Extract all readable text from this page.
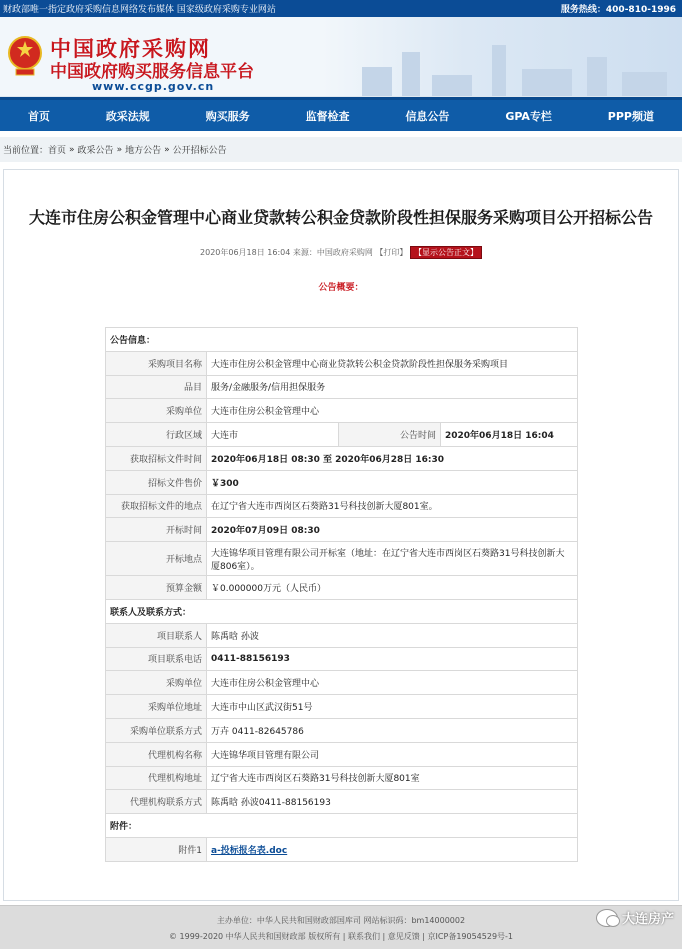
财政部唯一指定政府采购信息网络发布媒体 国家级政府采购专业网站	服务热线：400-810-1996
中国政府采购网
中国政府购买服务信息平台
www.ccgp.gov.cn
首页	政采法规	购买服务	监督检查	信息公告	GPA专栏	PPP频道
当前位置： 首页 » 政采公告 » 地方公告 » 公开招标公告
大连市住房公积金管理中心商业贷款转公积金贷款阶段性担保服务采购项目公开招标公告
2020年06月18日 16:04 来源：中国政府采购网 【打印】 【显示公告正文】
公告概要：
公告信息：			
采购项目名称	大连市住房公积金管理中心商业贷款转公积金贷款阶段性担保服务采购项目		
品目	服务/金融服务/信用担保服务		
采购单位	大连市住房公积金管理中心		
行政区域	大连市	公告时间	2020年06月18日 16:04
获取招标文件时间	2020年06月18日 08:30 至 2020年06月28日 16:30		
招标文件售价	￥300		
获取招标文件的地点	在辽宁省大连市西岗区石葵路31号科技创新大厦801室。		
开标时间	2020年07月09日 08:30		
开标地点	大连锦华项目管理有限公司开标室（地址：在辽宁省大连市西岗区石葵路31号科技创新大厦806室）。		
预算金额	￥0.000000万元（人民币）		
联系人及联系方式：			
项目联系人	陈禹晗 孙波		
项目联系电话	0411-88156193		
采购单位	大连市住房公积金管理中心		
采购单位地址	大连市中山区武汉街51号		
采购单位联系方式	万卉 0411-82645786		
代理机构名称	大连锦华项目管理有限公司		
代理机构地址	辽宁省大连市西岗区石葵路31号科技创新大厦801室		
代理机构联系方式	陈禹晗 孙波0411-88156193		
附件：			
附件1	a-投标报名表.doc		
主办单位：中华人民共和国财政部国库司 网站标识码：bm14000002
© 1999-2020 中华人民共和国财政部 版权所有 | 联系我们 | 意见反馈 | 京ICP备19054529号-1
大连房产
